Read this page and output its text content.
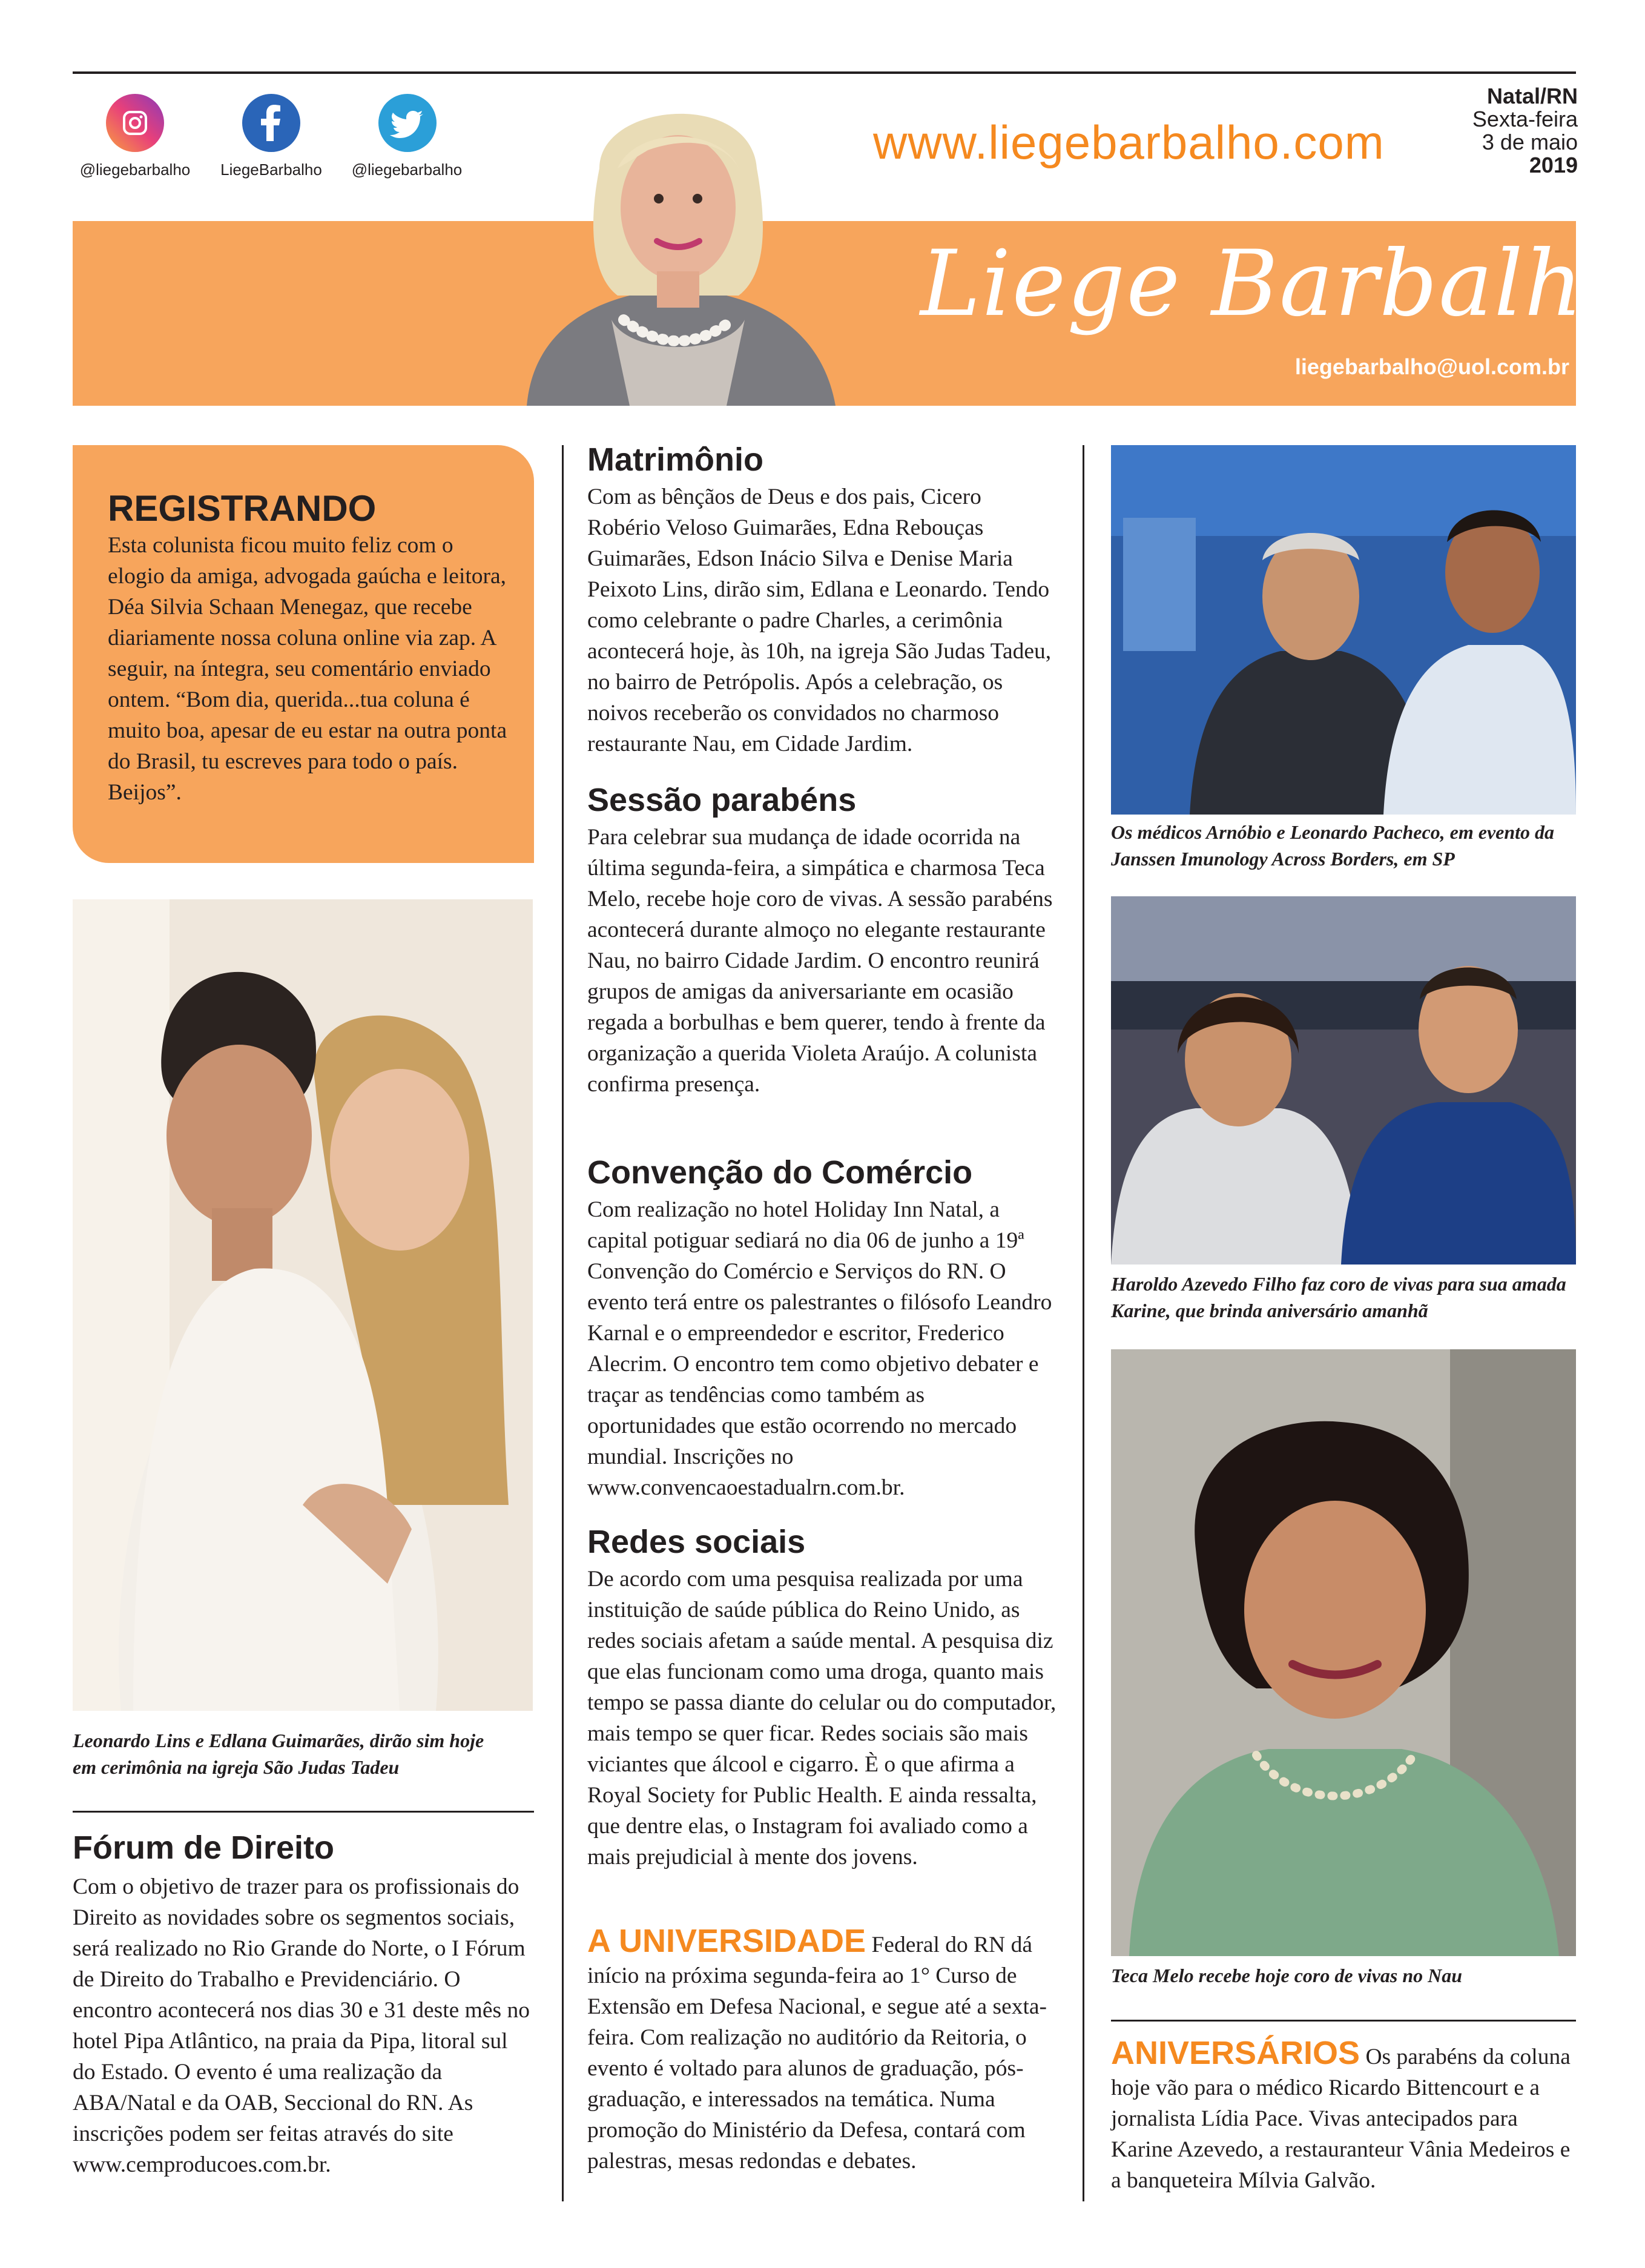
@liegebarbalho	LiegeBarbalho	@liegebarbalho
www.liegebarbalho.com
Natal/RN
Sexta-feira
3 de maio
2019
Liege Barbalho
liegebarbalho@uol.com.br
REGISTRANDO
Esta colunista ficou muito feliz com o elogio da amiga, advogada gaúcha e leitora, Déa Silvia Schaan Menegaz, que recebe diariamente nossa coluna online via zap. A seguir, na íntegra, seu comentário enviado ontem. “Bom dia, querida...tua coluna é muito boa, apesar de eu estar na outra ponta do Brasil, tu escreves para todo o país. Beijos”.
Leonardo Lins e Edlana Guimarães, dirão sim hoje em cerimônia na igreja São Judas Tadeu
Fórum de Direito
Com o objetivo de trazer para os profissionais do Direito as novidades sobre os segmentos sociais, será realizado no Rio Grande do Norte, o I Fórum de Direito do Trabalho e Previdenciário. O encontro acontecerá nos dias 30 e 31 deste mês no hotel Pipa Atlântico, na praia da Pipa, litoral sul do Estado. O evento é uma realização da ABA/Natal e da OAB, Seccional do RN. As inscrições podem ser feitas através do site www.cemproducoes.com.br.
Matrimônio
Com as bênçãos de Deus e dos pais, Cicero Robério Veloso Guimarães, Edna Rebouças Guimarães, Edson Inácio Silva e Denise Maria Peixoto Lins, dirão sim, Edlana e Leonardo. Tendo como celebrante o padre Charles, a cerimônia acontecerá hoje, às 10h, na igreja São Judas Tadeu, no bairro de Petrópolis. Após a celebração, os noivos receberão os convidados no charmoso restaurante Nau, em Cidade Jardim.
Sessão parabéns
Para celebrar sua mudança de idade ocorrida na última segunda-feira, a simpática e charmosa Teca Melo, recebe hoje coro de vivas. A sessão parabéns acontecerá durante almoço no elegante restaurante Nau, no bairro Cidade Jardim. O encontro reunirá grupos de amigas da aniversariante em ocasião regada a borbulhas e bem querer, tendo à frente da organização a querida Violeta Araújo. A colunista confirma presença.
Convenção do Comércio
Com realização no hotel Holiday Inn Natal, a capital potiguar sediará no dia 06 de junho a 19ª Convenção do Comércio e Serviços do RN. O evento terá entre os palestrantes o filósofo Leandro Karnal e o empreendedor e escritor, Frederico Alecrim. O encontro tem como objetivo debater e traçar as tendências como também as oportunidades que estão ocorrendo no mercado mundial. Inscrições no www.convencaoestadualrn.com.br.
Redes sociais
De acordo com uma pesquisa realizada por uma instituição de saúde pública do Reino Unido, as redes sociais afetam a saúde mental. A pesquisa diz que elas funcionam como uma droga, quanto mais tempo se passa diante do celular ou do computador, mais tempo se quer ficar. Redes sociais são mais viciantes que álcool e cigarro. È o que afirma a Royal Society for Public Health. E ainda ressalta, que dentre elas, o Instagram foi avaliado como a mais prejudicial à mente dos jovens.
A UNIVERSIDADE Federal do RN dá início na próxima segunda-feira ao 1° Curso de Extensão em Defesa Nacional, e segue até a sexta-feira. Com realização no auditório da Reitoria, o evento é voltado para alunos de graduação, pós-graduação, e interessados na temática. Numa promoção do Ministério da Defesa, contará com palestras, mesas redondas e debates.
Os médicos Arnóbio e Leonardo Pacheco, em evento da Janssen Imunology Across Borders, em SP
Haroldo Azevedo Filho faz coro de vivas para sua amada Karine, que brinda aniversário amanhã
Teca Melo recebe hoje coro de vivas no Nau
ANIVERSÁRIOS Os parabéns da coluna hoje vão para o médico Ricardo Bittencourt e a jornalista Lídia Pace. Vivas antecipados para Karine Azevedo, a restauranteur Vânia Medeiros e a banqueteira Mílvia Galvão.
